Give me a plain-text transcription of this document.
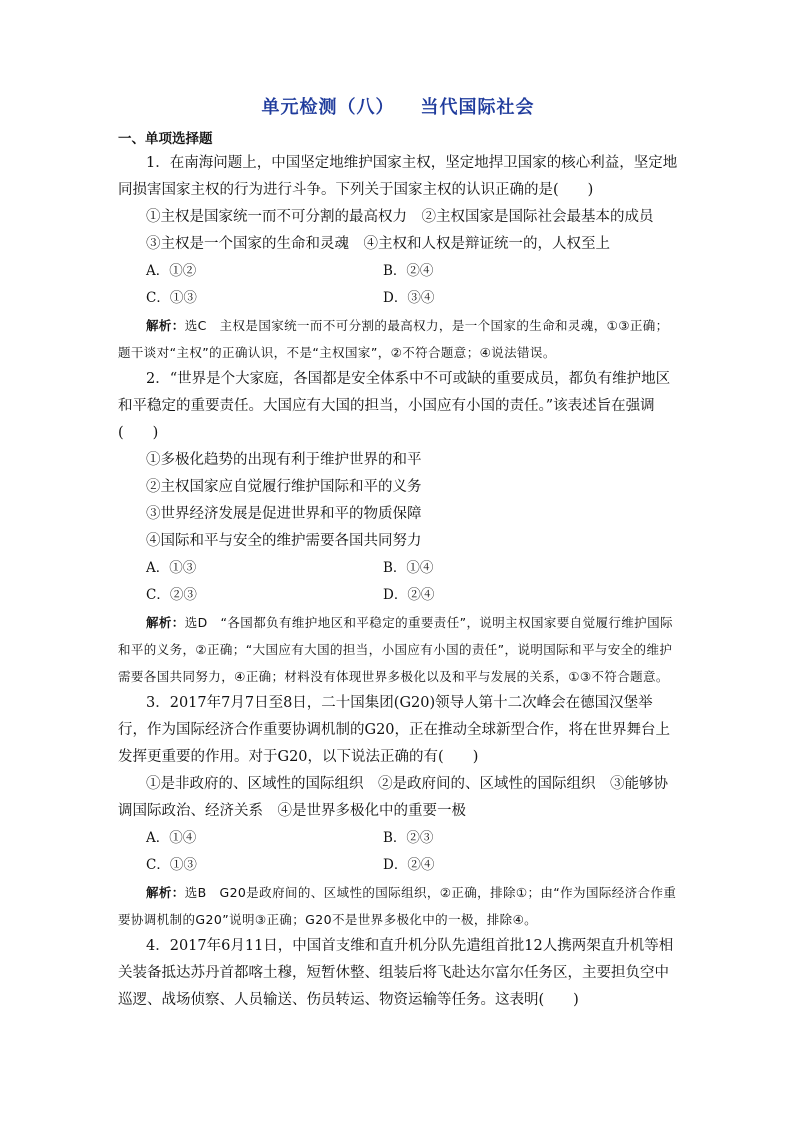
单元检测（八） 当代国际社会
一、单项选择题

1．在南海问题上，中国坚定地维护国家主权，坚定地捍卫国家的核心利益，坚定地同损害国家主权的行为进行斗争。下列关于国家主权的认识正确的是(　　)

①主权是国家统一而不可分割的最高权力　②主权国家是国际社会最基本的成员

③主权是一个国家的生命和灵魂　④主权和人权是辩证统一的，人权至上

A．①②	B．②④
C．①③	D．③④

解析：选C　主权是国家统一而不可分割的最高权力，是一个国家的生命和灵魂，①③正确；题干谈对“主权”的正确认识，不是“主权国家”，②不符合题意；④说法错误。

2．“世界是个大家庭，各国都是安全体系中不可或缺的重要成员，都负有维护地区和平稳定的重要责任。大国应有大国的担当，小国应有小国的责任。”该表述旨在强调(　　)

①多极化趋势的出现有利于维护世界的和平

②主权国家应自觉履行维护国际和平的义务

③世界经济发展是促进世界和平的物质保障

④国际和平与安全的维护需要各国共同努力

A．①③	B．①④
C．②③	D．②④

解析：选D　“各国都负有维护地区和平稳定的重要责任”，说明主权国家要自觉履行维护国际和平的义务，②正确；“大国应有大国的担当，小国应有小国的责任”，说明国际和平与安全的维护需要各国共同努力，④正确；材料没有体现世界多极化以及和平与发展的关系，①③不符合题意。

3．2017年7月7日至8日，二十国集团(G20)领导人第十二次峰会在德国汉堡举行，作为国际经济合作重要协调机制的G20，正在推动全球新型合作，将在世界舞台上发挥更重要的作用。对于G20，以下说法正确的有(　　)

①是非政府的、区域性的国际组织　②是政府间的、区域性的国际组织　③能够协调国际政治、经济关系　④是世界多极化中的重要一极

A．①④	B．②③
C．①③	D．②④

解析：选B　G20是政府间的、区域性的国际组织，②正确，排除①；由“作为国际经济合作重要协调机制的G20”说明③正确；G20不是世界多极化中的一极，排除④。

4．2017年6月11日，中国首支维和直升机分队先遣组首批12人携两架直升机等相关装备抵达苏丹首都喀土穆，短暂休整、组装后将飞赴达尔富尔任务区，主要担负空中巡逻、战场侦察、人员输送、伤员转运、物资运输等任务。这表明(　　)
